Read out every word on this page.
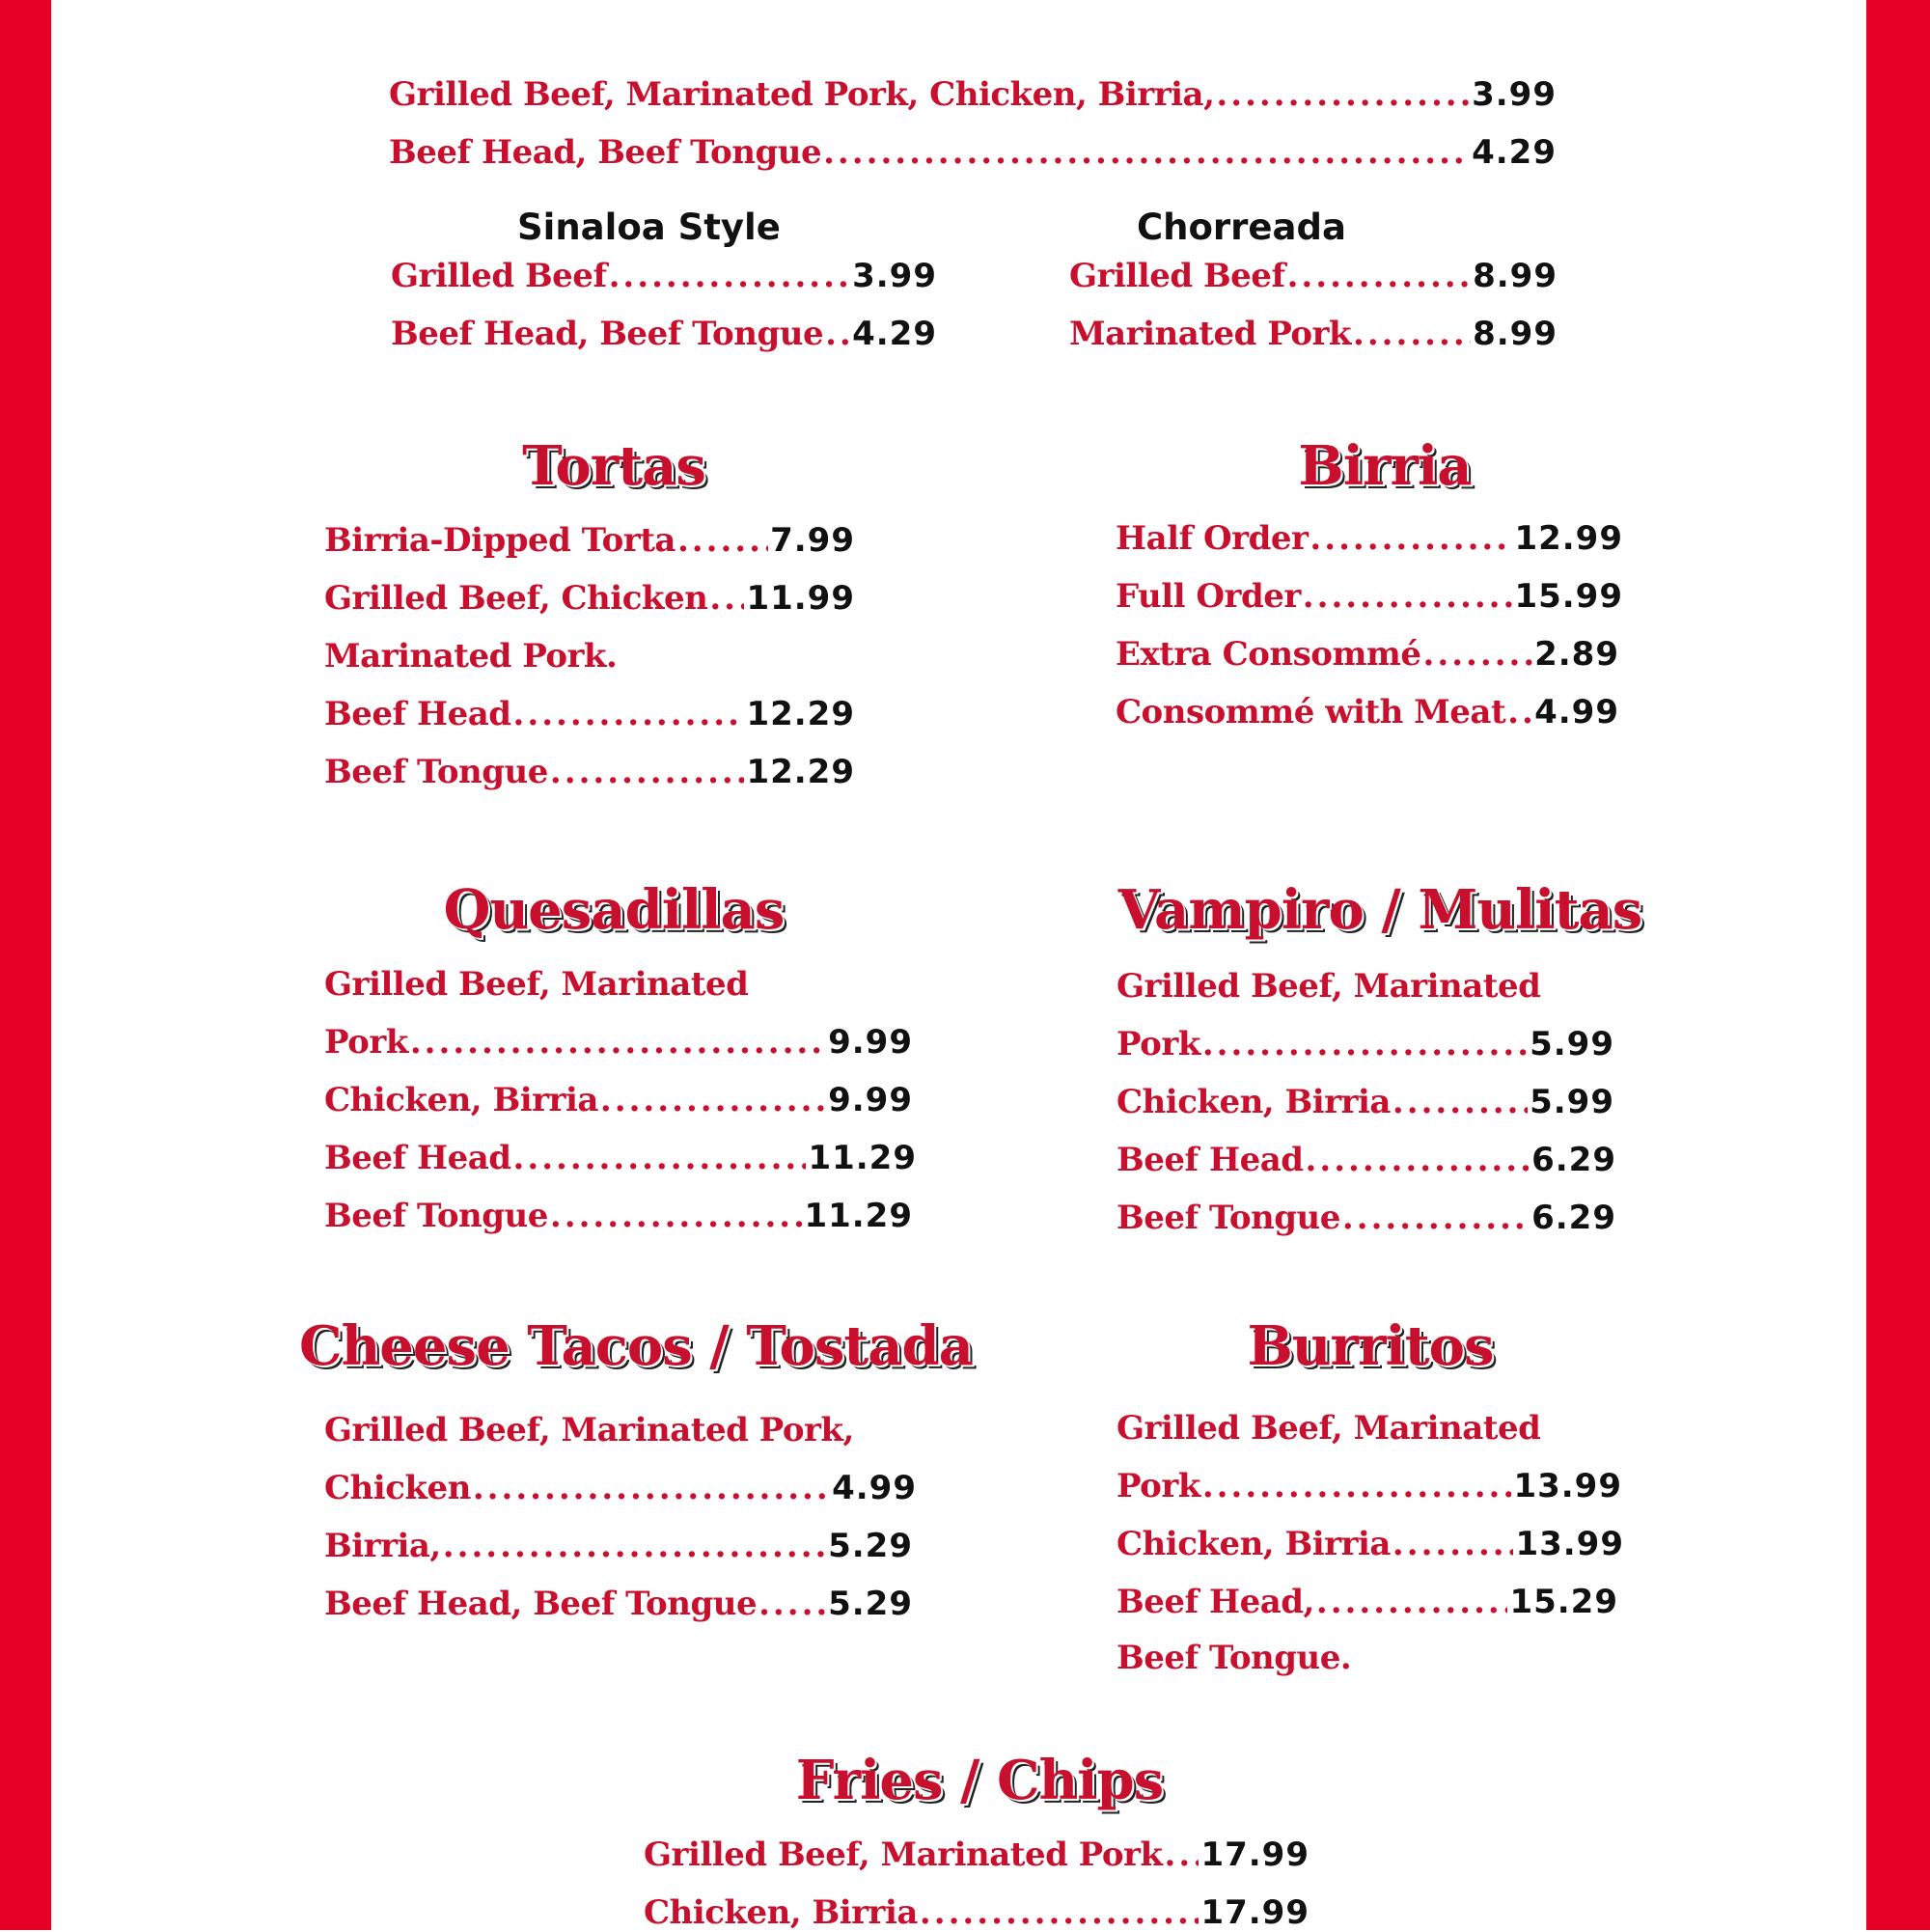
Grilled Beef, Marinated Pork, Chicken, Birria, .....	3.99
Beef Head, Beef Tongue .....	4.29
Sinaloa Style
Grilled Beef .....	3.99
Beef Head, Beef Tongue ..... 4.29
Chorreada
Grilled Beef .....	8.99
Marinated Pork .....	8.99
Tortas
Birria-Dipped Torta .....	7.99
Grilled Beef, Chicken ..... 11.99
Marinated Pork.
Beef Head .....	12.29
Beef Tongue .....	12.29
Birria
Half Order .....	12.99
Full Order .....	15.99
Extra Consommé .....	2.89
Consommé with Meat ..... 4.99
Quesadillas
Grilled Beef, Marinated
Pork .....	9.99
Chicken, Birria .....	9.99
Beef Head .....	11.29
Beef Tongue .....	11.29
Vampiro / Mulitas
Grilled Beef, Marinated
Pork .....	5.99
Chicken, Birria .....	5.99
Beef Head .....	6.29
Beef Tongue .....	6.29
Cheese Tacos / Tostada
Grilled Beef, Marinated Pork,
Chicken .....	4.99
Birria, .....	5.29
Beef Head, Beef Tongue ..... 5.29
Burritos
Grilled Beef, Marinated
Pork .....	13.99
Chicken, Birria .....	13.99
Beef Head, .....	15.29
Beef Tongue.
Fries / Chips
Grilled Beef, Marinated Pork ..... 17.99
Chicken, Birria .....	17.99
